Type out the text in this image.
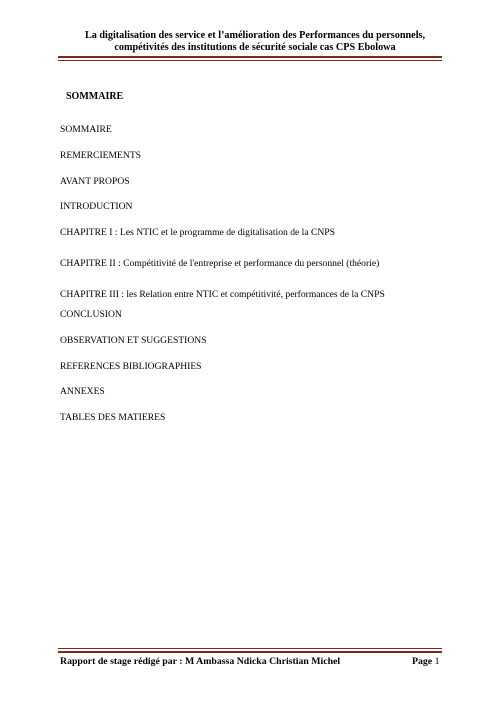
La digitalisation des service et l’amélioration des Performances du personnels,
compétivités des institutions de sécurité sociale cas CPS Ebolowa
SOMMAIRE
SOMMAIRE
REMERCIEMENTS
AVANT PROPOS
INTRODUCTION
CHAPITRE I : Les NTIC et le programme de digitalisation de la CNPS
CHAPITRE II : Compétitivité de l'entreprise et performance du personnel (théorie)
CHAPITRE III : les Relation entre NTIC et compétitivité, performances de la CNPS
CONCLUSION
OBSERVATION ET SUGGESTIONS
REFERENCES BIBLIOGRAPHIES
ANNEXES
TABLES DES MATIERES
Rapport de stage rédigé par : M Ambassa Ndicka Christian Michel	Page 1
